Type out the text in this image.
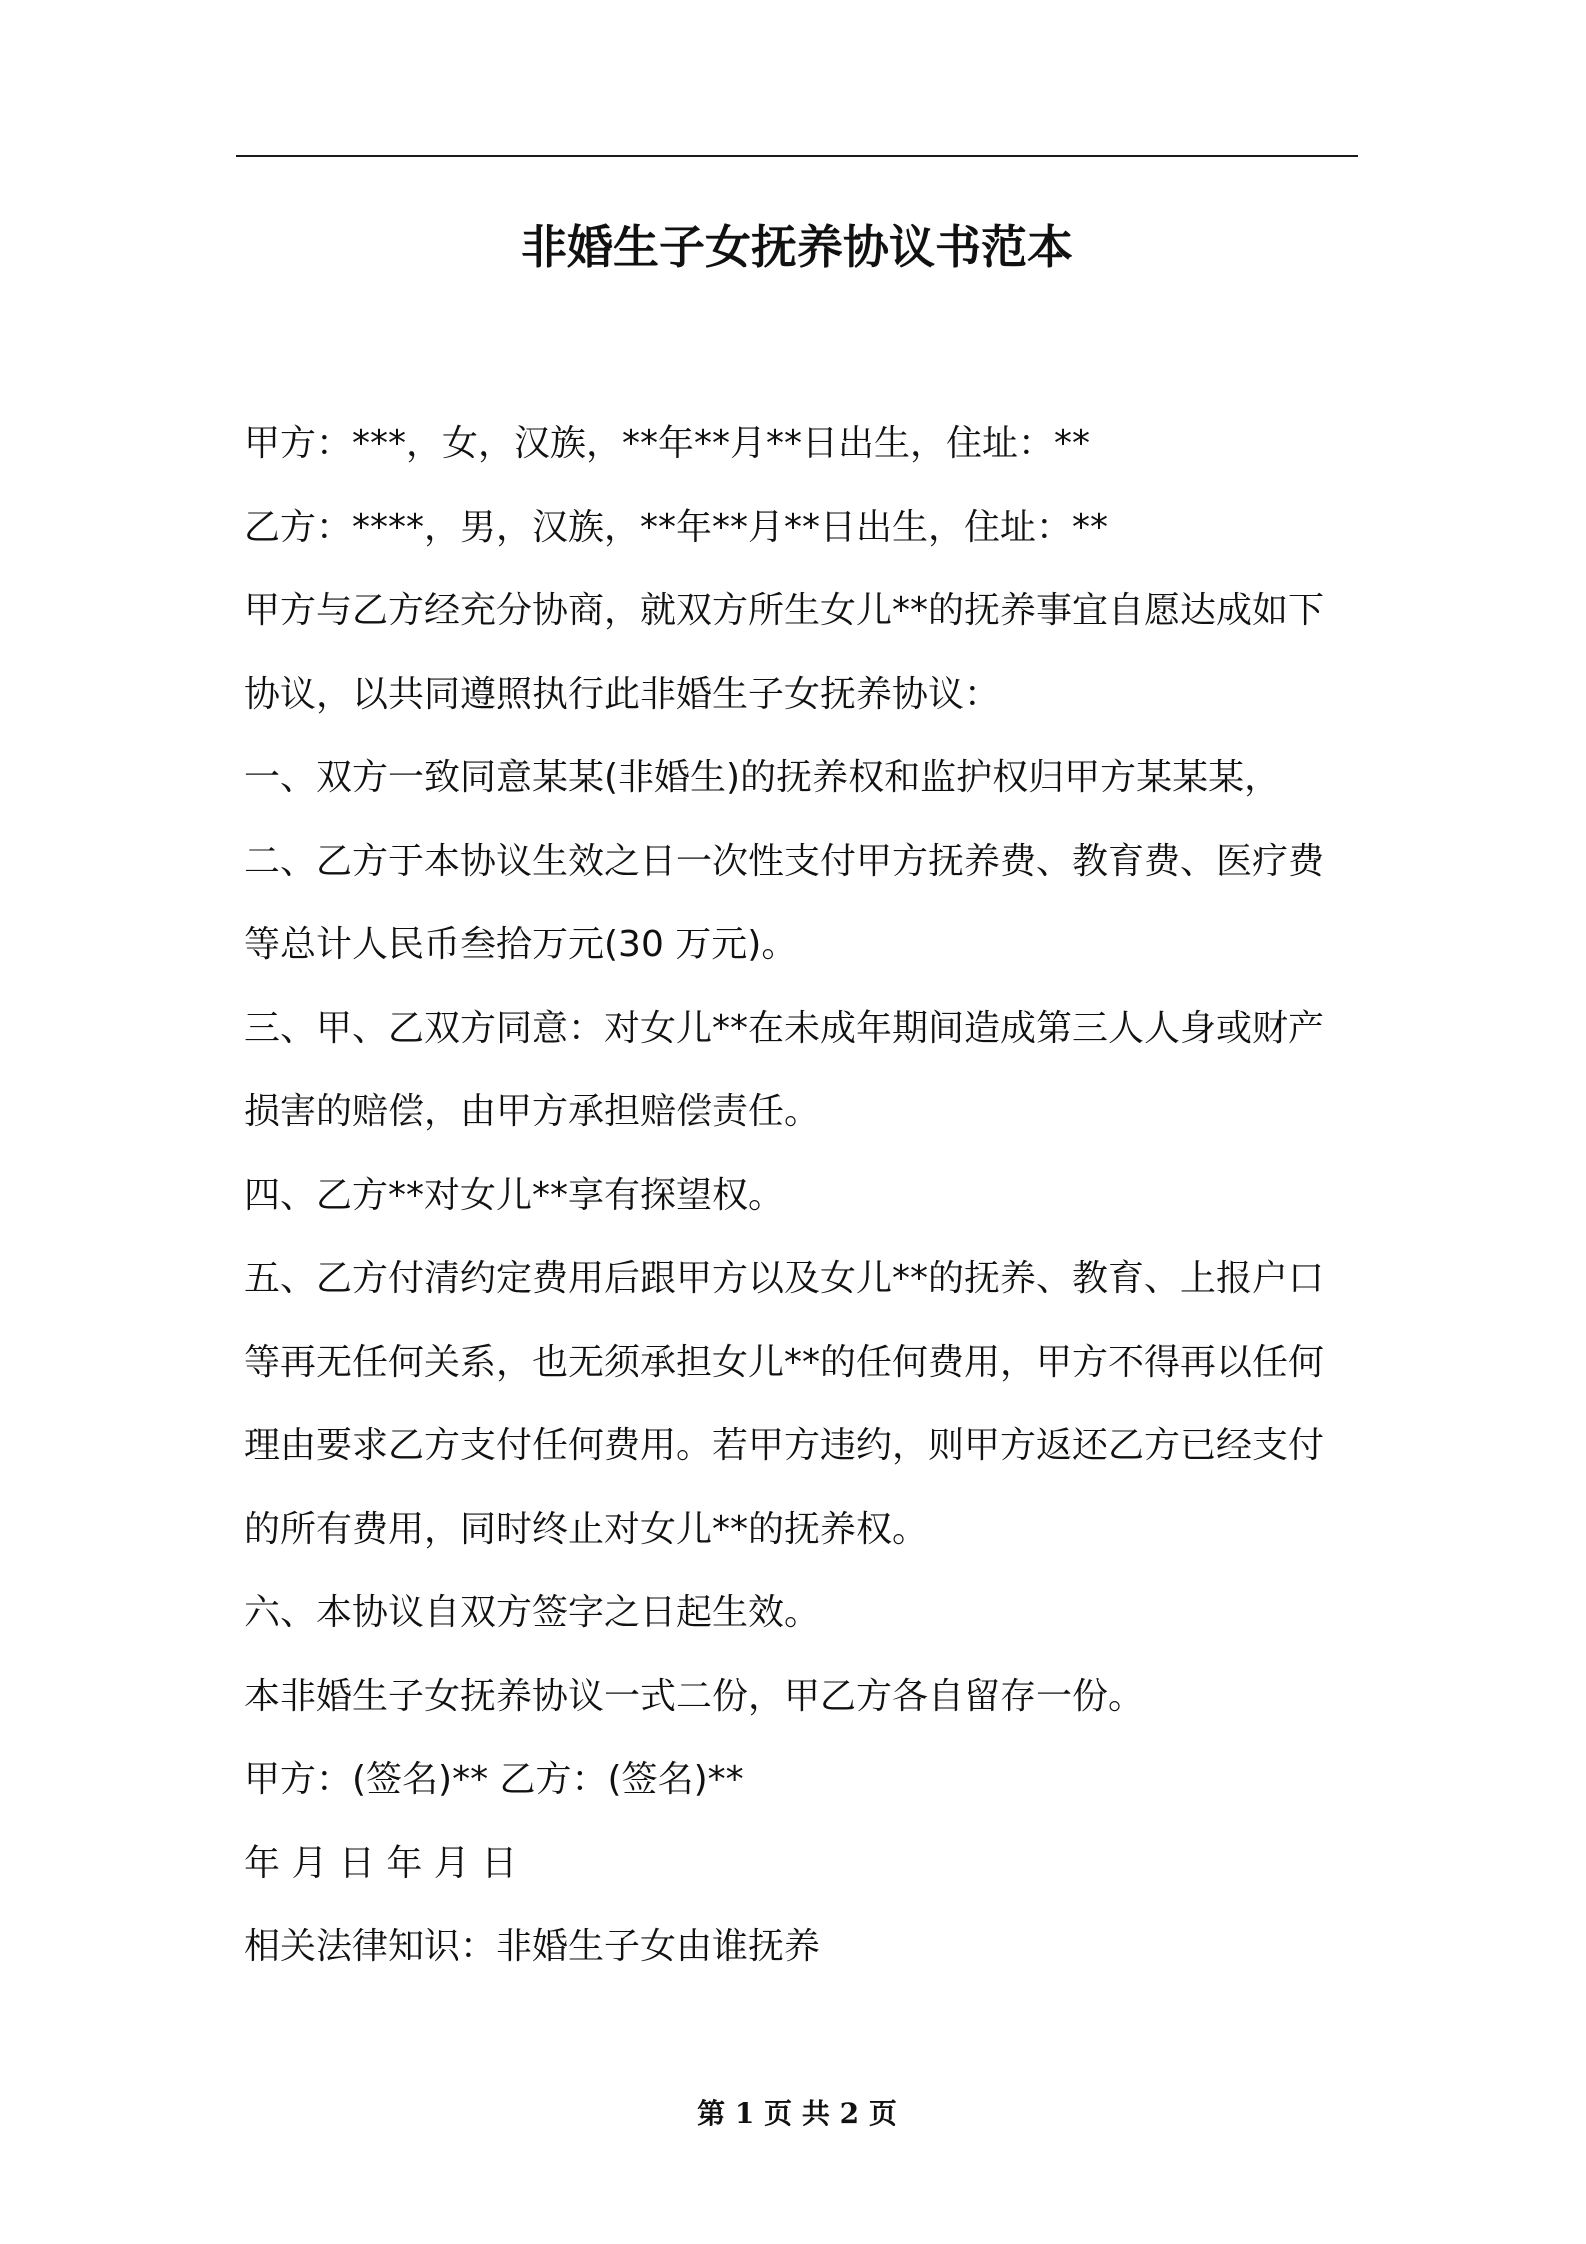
非婚生子女抚养协议书范本
甲方：***，女，汉族，**年**月**日出生，住址：**
乙方：****，男，汉族，**年**月**日出生，住址：**
甲方与乙方经充分协商，就双方所生女儿**的抚养事宜自愿达成如下
协议，以共同遵照执行此非婚生子女抚养协议：
一、双方一致同意某某(非婚生)的抚养权和监护权归甲方某某某，
二、乙方于本协议生效之日一次性支付甲方抚养费、教育费、医疗费
等总计人民币叁拾万元(30 万元)。
三、甲、乙双方同意：对女儿**在未成年期间造成第三人人身或财产
损害的赔偿，由甲方承担赔偿责任。
四、乙方**对女儿**享有探望权。
五、乙方付清约定费用后跟甲方以及女儿**的抚养、教育、上报户口
等再无任何关系，也无须承担女儿**的任何费用，甲方不得再以任何
理由要求乙方支付任何费用。若甲方违约，则甲方返还乙方已经支付
的所有费用，同时终止对女儿**的抚养权。
六、本协议自双方签字之日起生效。
本非婚生子女抚养协议一式二份，甲乙方各自留存一份。
甲方：(签名)** 乙方：(签名)**
年 月 日 年 月 日
相关法律知识：非婚生子女由谁抚养
第 1 页 共 2 页
